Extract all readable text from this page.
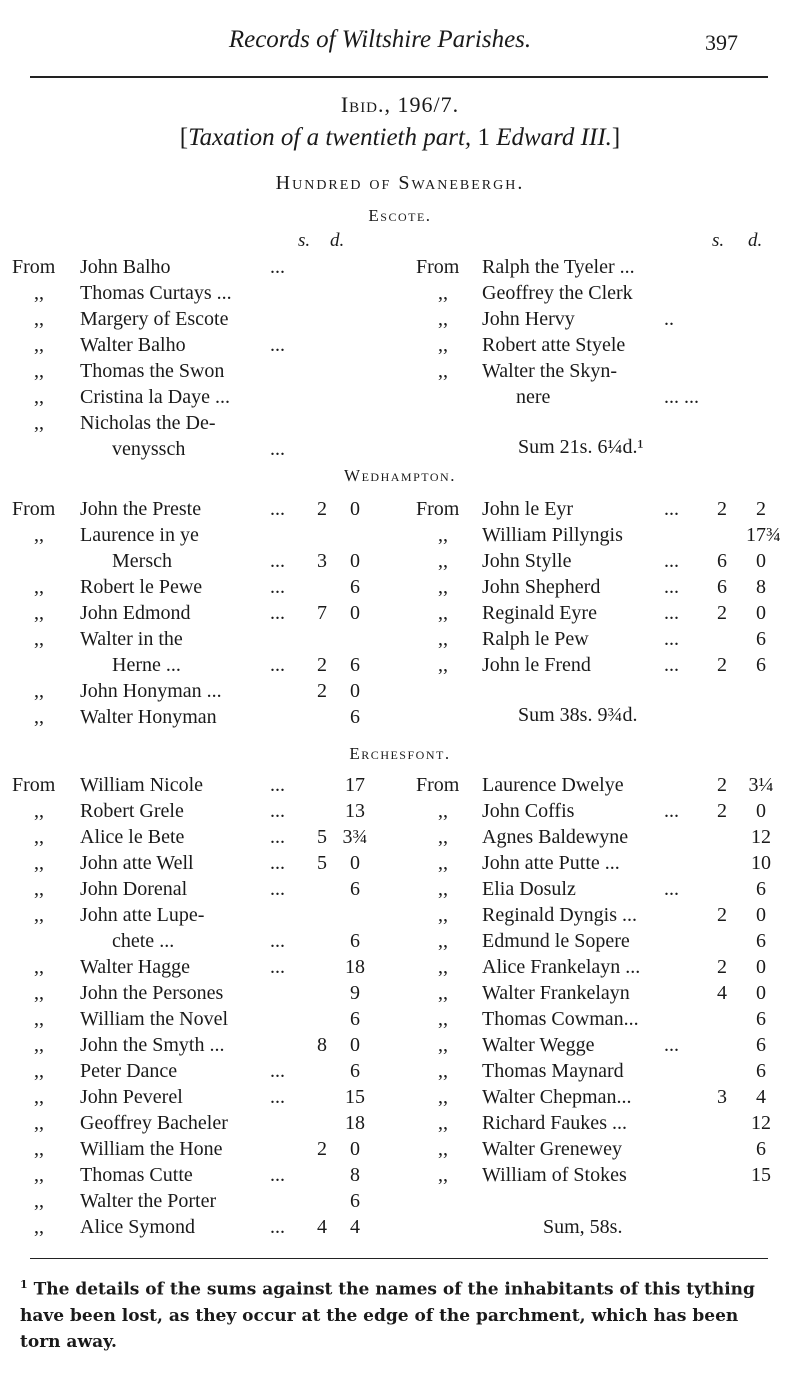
Records of Wiltshire Parishes.	397
Ibid., 196/7.
[Taxation of a twentieth part, 1 Edward III.]
Hundred of Swanebergh.
Escote.
s. d.	s. d.
From John Balho	...
,, Thomas Curtays ...
,, Margery of Escote
,, Walter Balho	...
,, Thomas the Swon
,, Cristina la Daye ...
,, Nicholas the De-
venyssch	...
From Ralph the Tyeler ...
,, Geoffrey the Clerk
,, John Hervy	..
,, Robert atte Styele
,, Walter the Skyn-
nere	... ...
Sum 21s. 6¼d.¹
Wedhampton.
From John the Preste	... 2	0
,, Laurence in ye
Mersch	... 3	0
,, Robert le Pewe	...	6
,, John Edmond	... 7	0
,, Walter in the
Herne ...	... 2	6
,, John Honyman ...	2	0
,, Walter Honyman	6
From John le Eyr	... 2	2
,, William Pillyngis	17¾
,, John Stylle	... 6	0
,, John Shepherd	... 6	8
,, Reginald Eyre	... 2	0
,, Ralph le Pew	...	6
,, John le Frend	... 2	6
Sum 38s. 9¾d.
Erchesfont.
From William Nicole	...	17
,, Robert Grele	...	13
,, Alice le Bete	... 5 3¾
,, John atte Well	... 5	0
,, John Dorenal	...	6
,, John atte Lupe-
chete ...	...	6
,, Walter Hagge	...	18
,, John the Persones	9
,, William the Novel	6
,, John the Smyth ...	8	0
,, Peter Dance	...	6
,, John Peverel	...	15
,, Geoffrey Bacheler	18
,, William the Hone	2	0
,, Thomas Cutte	...	8
,, Walter the Porter	6
,, Alice Symond	... 4	4
From Laurence Dwelye	2 3¼
,, John Coffis	... 2	0
,, Agnes Baldewyne	12
,, John atte Putte ...	10
,, Elia Dosulz	...	6
,, Reginald Dyngis ...	2	0
,, Edmund le Sopere	6
,, Alice Frankelayn ...	2	0
,, Walter Frankelayn	4	0
,, Thomas Cowman...	6
,, Walter Wegge	...	6
,, Thomas Maynard	6
,, Walter Chepman...	3	4
,, Richard Faukes ...	12
,, Walter Grenewey	6
,, William of Stokes	15
Sum, 58s.
$^1$ The details of the sums against the names of the inhabitants of this tything have been lost, as they occur at the edge of the parchment, which has been torn away.
